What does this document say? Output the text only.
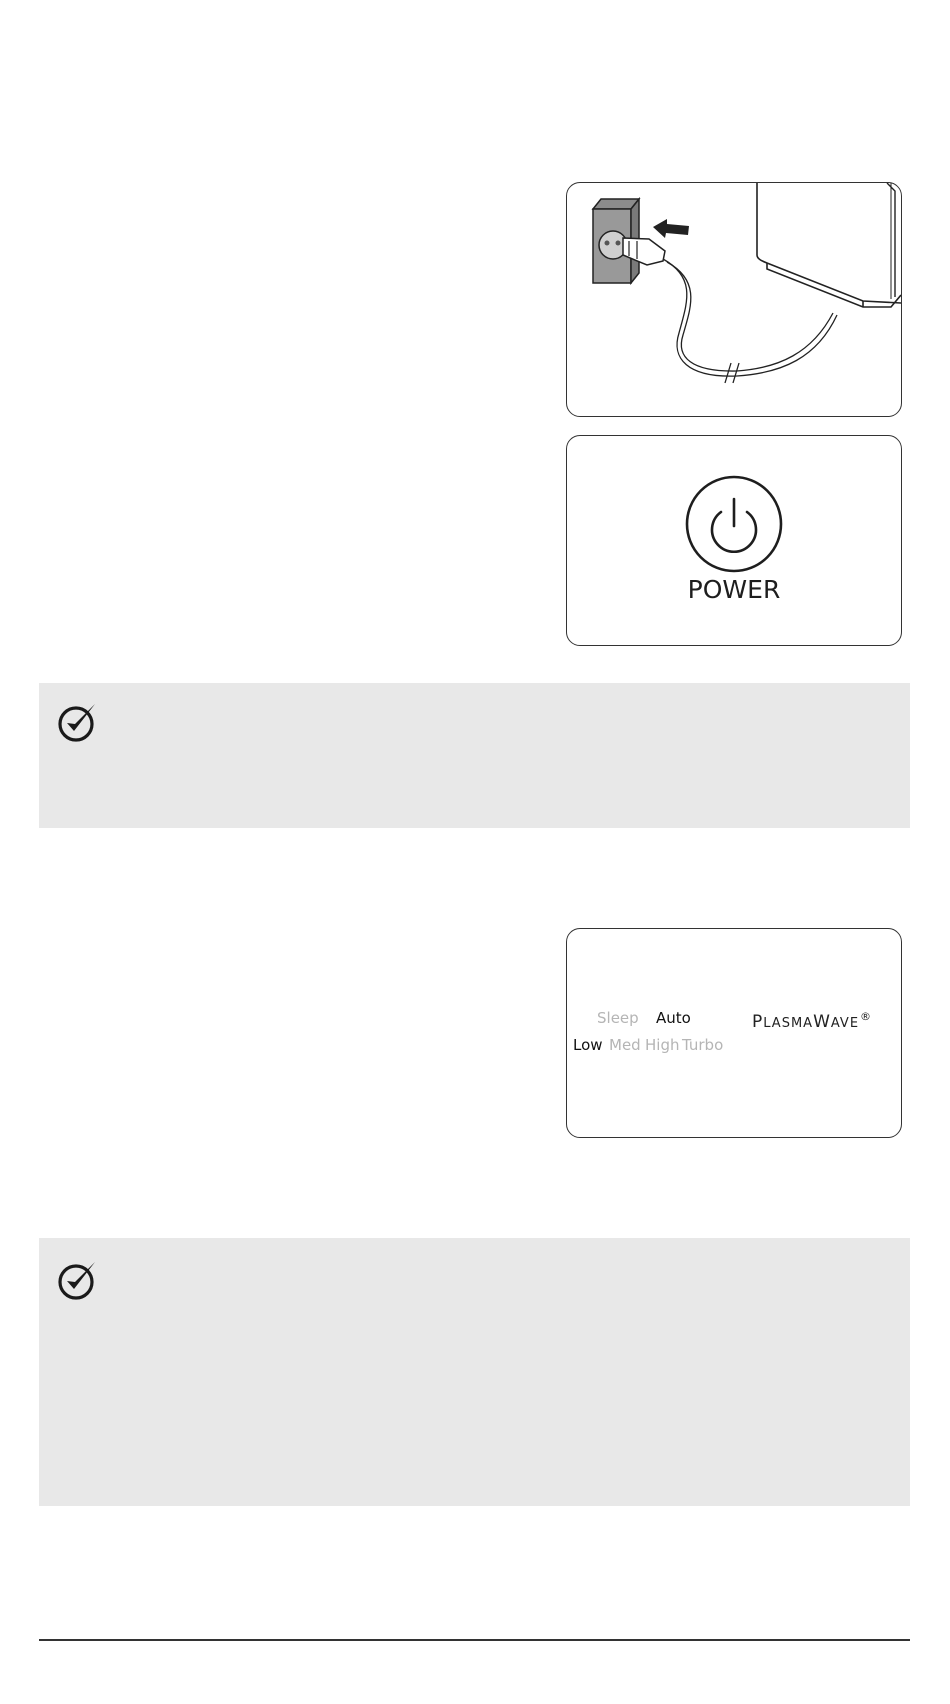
POWER
Sleep Auto
Low Med High Turbo
PLASMAWAVE®
